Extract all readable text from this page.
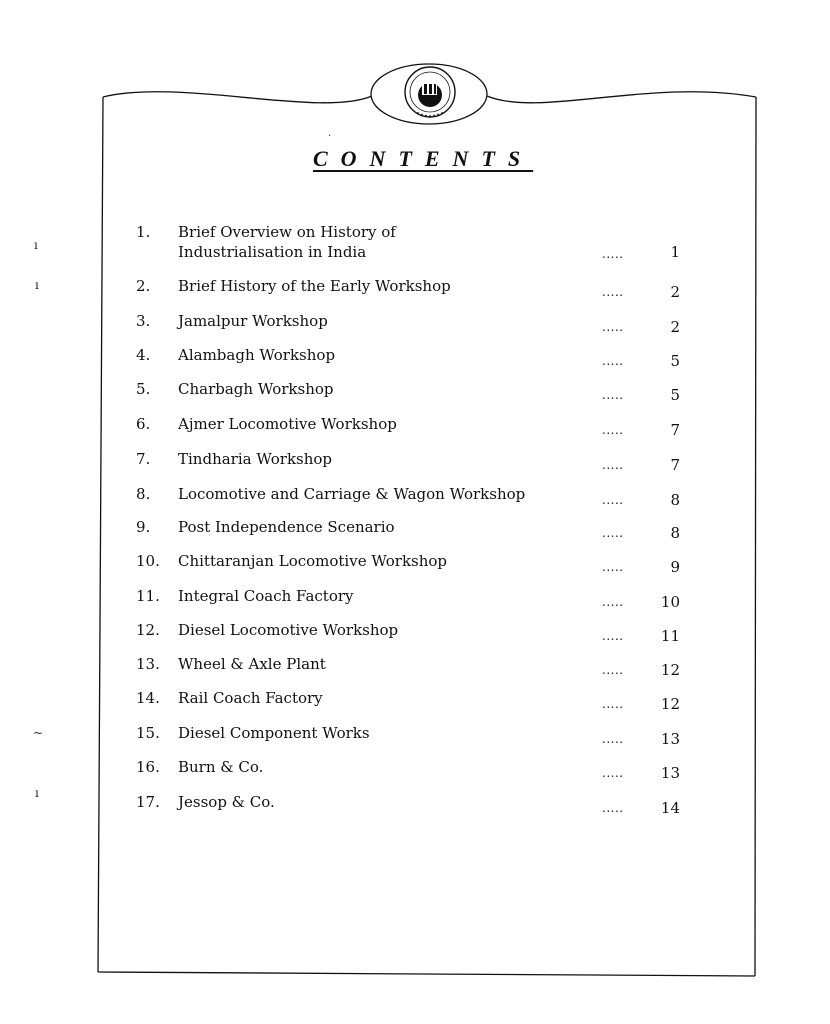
CONTENTS
1. Brief Overview on History of Industrialisation in India	.....	1
2. Brief History of the Early Workshop	.....	2
3. Jamalpur Workshop	.....	2
4. Alambagh Workshop	.....	5
5. Charbagh Workshop	.....	5
6. Ajmer Locomotive Workshop	.....	7
7. Tindharia Workshop	.....	7
8. Locomotive and Carriage & Wagon Workshop	.....	8
9. Post Independence Scenario	.....	8
10. Chittaranjan Locomotive Workshop	.....	9
11. Integral Coach Factory	.....	10
12. Diesel Locomotive Workshop	.....	11
13. Wheel & Axle Plant	.....	12
14. Rail Coach Factory	.....	12
15. Diesel Component Works	.....	13
16. Burn & Co.	.....	13
17. Jessop & Co.	.....	14
·
ı
ı
~
ı
